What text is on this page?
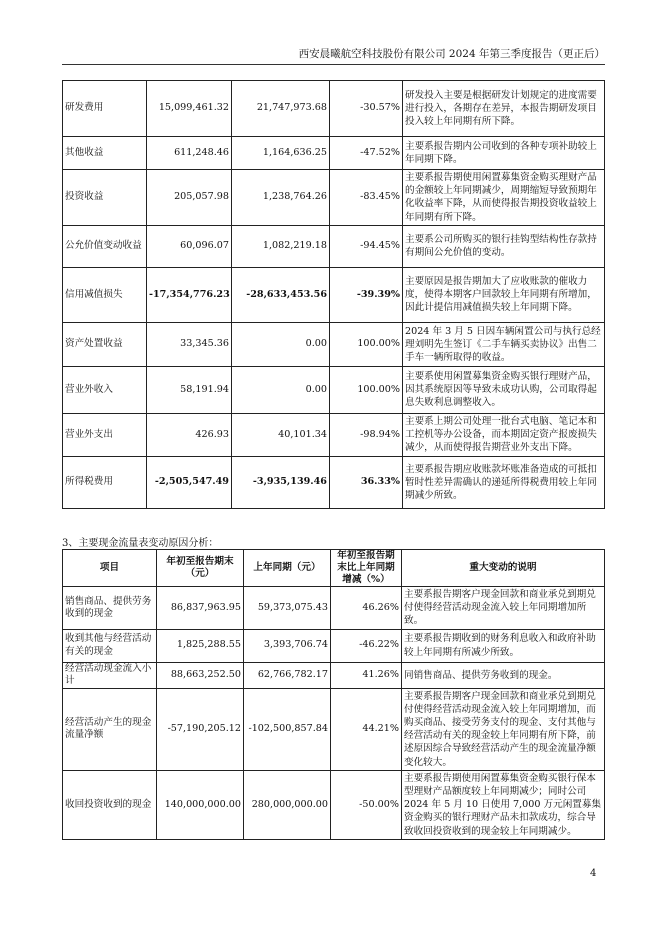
西安晨曦航空科技股份有限公司 2024 年第三季度报告（更正后）
研发费用	15,099,461.32	21,747,973.68	-30.57%	研发投入主要是根据研发计划规定的进度需要进行投入，各期存在差异，本报告期研发项目投入较上年同期有所下降。
其他收益	611,248.46	1,164,636.25	-47.52%	主要系报告期内公司收到的各种专项补助较上年同期下降。
投资收益	205,057.98	1,238,764.26	-83.45%	主要系报告期使用闲置募集资金购买理财产品的金额较上年同期减少，周期缩短导致预期年化收益率下降，从而使得报告期投资收益较上年同期有所下降。
公允价值变动收益	60,096.07	1,082,219.18	-94.45%	主要系公司所购买的银行挂钩型结构性存款持有期间公允价值的变动。
信用减值损失	-17,354,776.23	-28,633,453.56	-39.39%	主要原因是报告期加大了应收账款的催收力度，使得本期客户回款较上年同期有所增加，因此计提信用减值损失较上年同期下降。
资产处置收益	33,345.36	0.00	100.00%	2024 年 3 月 5 日因车辆闲置公司与执行总经理刘明先生签订《二手车辆买卖协议》出售二手车一辆所取得的收益。
营业外收入	58,191.94	0.00	100.00%	主要系使用闲置募集资金购买银行理财产品，因其系统原因等导致未成功认购，公司取得起息失败利息调整收入。
营业外支出	426.93	40,101.34	-98.94%	主要系上期公司处理一批台式电脑、笔记本和工控机等办公设备，而本期固定资产报废损失减少，从而使得报告期营业外支出下降。
所得税费用	-2,505,547.49	-3,935,139.46	36.33%	主要系报告期应收账款坏账准备造成的可抵扣暂时性差异需确认的递延所得税费用较上年同期减少所致。
3、主要现金流量表变动原因分析：
项目	年初至报告期末（元）	上年同期（元）	年初至报告期末比上年同期增减（%）	重大变动的说明
销售商品、提供劳务收到的现金	86,837,963.95	59,373,075.43	46.26%	主要系报告期客户现金回款和商业承兑到期兑付使得经营活动现金流入较上年同期增加所致。
收到其他与经营活动有关的现金	1,825,288.55	3,393,706.74	-46.22%	主要系报告期收到的财务利息收入和政府补助较上年同期有所减少所致。
经营活动现金流入小计	88,663,252.50	62,766,782.17	41.26%	同销售商品、提供劳务收到的现金。
经营活动产生的现金流量净额	-57,190,205.12	-102,500,857.84	44.21%	主要系报告期客户现金回款和商业承兑到期兑付使得经营活动现金流入较上年同期增加，而购买商品、接受劳务支付的现金、支付其他与经营活动有关的现金较上年同期有所下降，前述原因综合导致经营活动产生的现金流量净额变化较大。
收回投资收到的现金	140,000,000.00	280,000,000.00	-50.00%	主要系报告期使用闲置募集资金购买银行保本型理财产品额度较上年同期减少；同时公司 2024 年 5 月 10 日使用 7,000 万元闲置募集资金购买的银行理财产品未扣款成功，综合导致收回投资收到的现金较上年同期减少。
4
